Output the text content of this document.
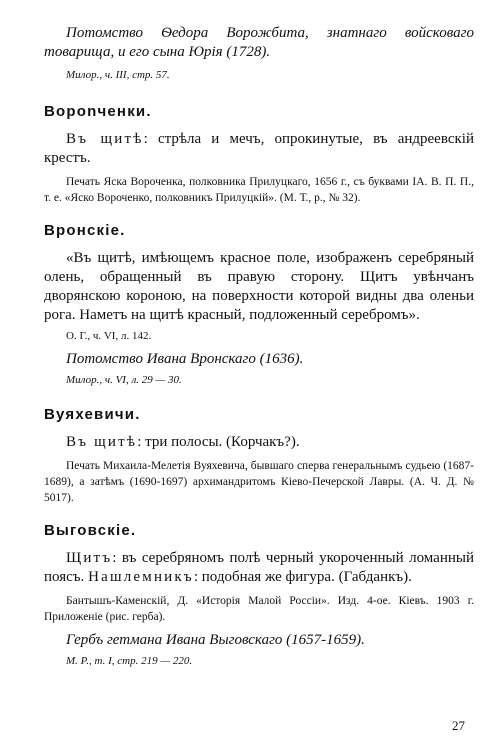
Потомство Ѳедора Ворожбита, знатнаго войсковаго товарища, и его сына Юрія (1728).

Милор., ч. III, стр. 57.

Ворonченки.

Въ щитѣ: стрѣла и мечъ, опрокинутые, въ андреевскій крестъ.

Печать Яска Вороченка, полковника Прилуцкаго, 1656 г., съ буквами IA. В. П. П., т. е. «Яско Вороченко, полковникъ Прилуцкій». (М. Т., р., № 32).

Вронскіе.

«Въ щитѣ, имѣющемъ красное поле, изображенъ серебряный олень, обращенный въ правую сторону. Щитъ увѣнчанъ дворянскою короною, на поверхности которой видны два оленьи рога. Наметъ на щитѣ красный, подложенный серебромъ».

О. Г., ч. VI, л. 142.

Потомство Ивана Вронскаго (1636).

Милор., ч. VI, л. 29 — 30.

Вуяхевичи.

Въ щитѣ: три полосы. (Корчакъ?).

Печать Михаила-Мелетія Вуяхевича, бывшаго сперва генеральнымъ судьею (1687-1689), а затѣмъ (1690-1697) архимандритомъ Кіево-Печерской Лавры. (А. Ч. Д. № 5017).

Выговскіе.

Щитъ: въ серебряномъ полѣ черный укороченный ломанный поясъ. Нашлемникъ: подобная же фигура. (Габданкъ).

Бантышъ-Каменскій, Д. «Исторія Малой Россіи». Изд. 4-ое. Кіевъ. 1903 г. Приложеніе (рис. герба).

Гербъ гетмана Ивана Выговскаго (1657-1659).

М. Р., т. I, стр. 219 — 220.

27
